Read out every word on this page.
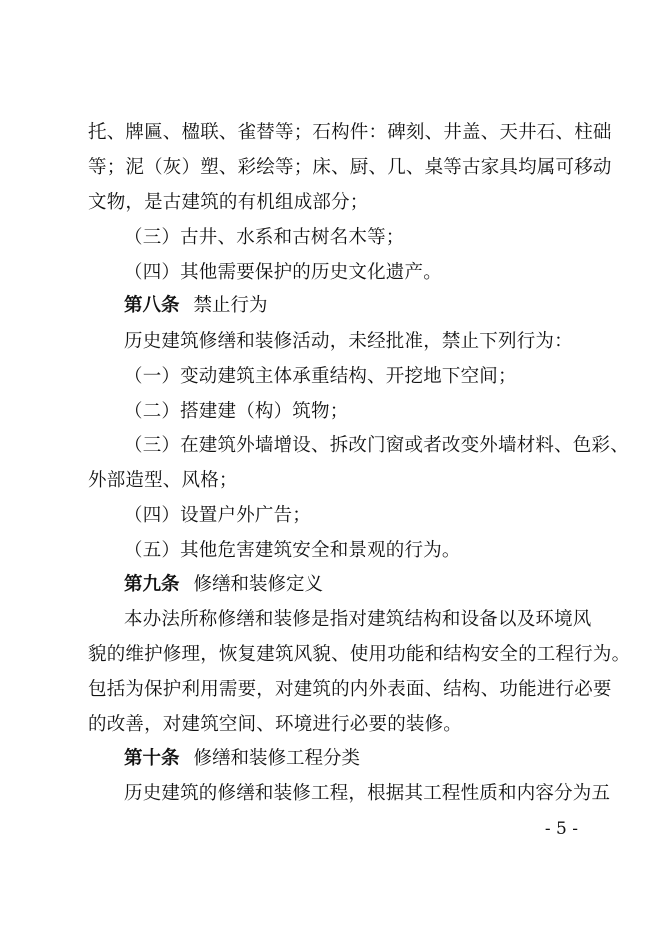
托、牌匾、楹联、雀替等；石构件：碑刻、井盖、天井石、柱础
等；泥（灰）塑、彩绘等；床、厨、几、桌等古家具均属可移动
文物，是古建筑的有机组成部分；
（三）古井、水系和古树名木等；
（四）其他需要保护的历史文化遗产。
第八条 禁止行为
历史建筑修缮和装修活动，未经批准，禁止下列行为：
（一）变动建筑主体承重结构、开挖地下空间；
（二）搭建建（构）筑物；
（三）在建筑外墙增设、拆改门窗或者改变外墙材料、色彩、
外部造型、风格；
（四）设置户外广告；
（五）其他危害建筑安全和景观的行为。
第九条 修缮和装修定义
本办法所称修缮和装修是指对建筑结构和设备以及环境风
貌的维护修理，恢复建筑风貌、使用功能和结构安全的工程行为。
包括为保护利用需要，对建筑的内外表面、结构、功能进行必要
的改善，对建筑空间、环境进行必要的装修。
第十条 修缮和装修工程分类
历史建筑的修缮和装修工程，根据其工程性质和内容分为五
- 5 -
